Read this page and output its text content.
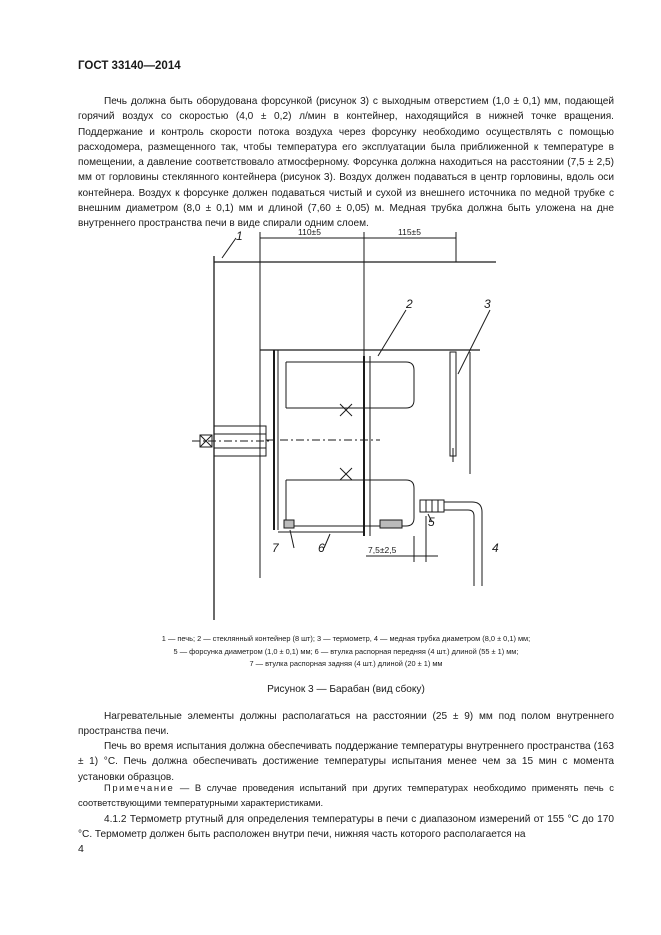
ГОСТ 33140—2014

Печь должна быть оборудована форсункой (рисунок 3) с выходным отверстием (1,0 ± 0,1) мм, подающей горячий воздух со скоростью (4,0 ± 0,2) л/мин в контейнер, находящийся в нижней точке вращения. Поддержание и контроль скорости потока воздуха через форсунку необходимо осуществлять с помощью расходомера, размещенного так, чтобы температура его эксплуатации была приближенной к температуре в помещении, а давление соответствовало атмосферному. Форсунка должна находиться на расстоянии (7,5 ± 2,5) мм от горловины стеклянного контейнера (рисунок 3). Воздух должен подаваться в центр горловины, вдоль оси контейнера. Воздух к форсунке должен подаваться чистый и сухой из внешнего источника по медной трубке с внешним диаметром (8,0 ± 0,1) мм и длиной (7,60 ± 0,05) м. Медная трубка должна быть уложена на дне внутреннего пространства печи в виде спирали одним слоем.

110±5	115±5
7,5±2,5
1
2	3
4
5
6
7
1 — печь; 2 — стеклянный контейнер (8 шт); 3 — термометр, 4 — медная трубка диаметром (8,0 ± 0,1) мм;
5 — форсунка диаметром (1,0 ± 0,1) мм; 6 — втулка распорная передняя (4 шт.) длиной (55 ± 1) мм;
7 — втулка распорная задняя (4 шт.) длиной (20 ± 1) мм
Рисунок 3 — Барабан (вид сбоку)

Нагревательные элементы должны располагаться на расстоянии (25 ± 9) мм под полом внутреннего пространства печи.

Печь во время испытания должна обеспечивать поддержание температуры внутреннего пространства (163 ± 1) °С. Печь должна обеспечивать достижение температуры испытания менее чем за 15 мин с момента установки образцов.

Примечание — В случае проведения испытаний при других температурах необходимо применять печь с соответствующими температурными характеристиками.

4.1.2 Термометр ртутный для определения температуры в печи с диапазоном измерений от 155 °С до 170 °С. Термометр должен быть расположен внутри печи, нижняя часть которого располагается на

4
